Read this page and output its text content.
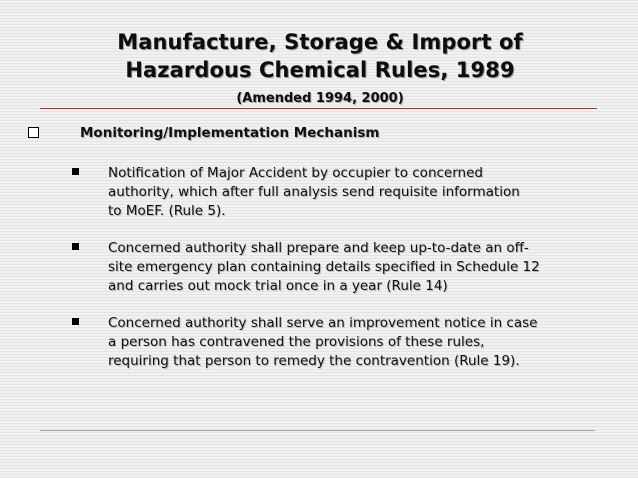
Manufacture, Storage & Import of
Hazardous Chemical Rules, 1989
(Amended 1994, 2000)
Monitoring/Implementation Mechanism
Notification of Major Accident by occupier to concerned
authority, which after full analysis send requisite information
to MoEF. (Rule 5).
Concerned authority shall prepare and keep up-to-date an off-
site emergency plan containing details specified in Schedule 12
and carries out mock trial once in a year (Rule 14)
Concerned authority shall serve an improvement notice in case
a person has contravened the provisions of these rules,
requiring that person to remedy the contravention (Rule 19).
